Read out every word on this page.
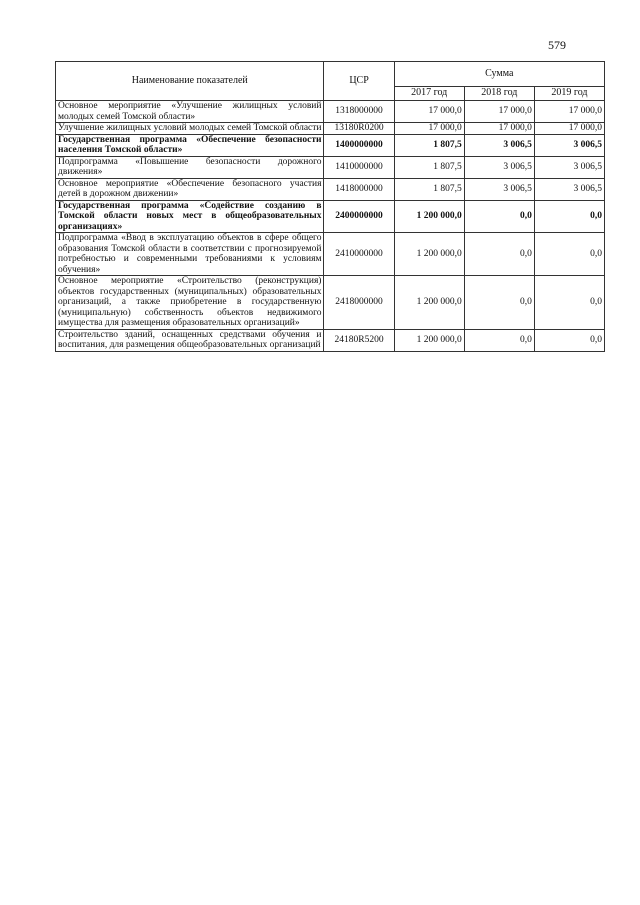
579
Наименование показателей	ЦСР	Сумма		
		2017 год	2018 год	2019 год
Основное мероприятие «Улучшение жилищных условий молодых семей Томской области»	1318000000	17 000,0	17 000,0	17 000,0
Улучшение жилищных условий молодых семей Томской области	13180R0200	17 000,0	17 000,0	17 000,0
Государственная программа «Обеспечение безопасности населения Томской области»	1400000000	1 807,5	3 006,5	3 006,5
Подпрограмма «Повышение безопасности дорожного движения»	1410000000	1 807,5	3 006,5	3 006,5
Основное мероприятие «Обеспечение безопасного участия детей в дорожном движении»	1418000000	1 807,5	3 006,5	3 006,5
Государственная программа «Содействие созданию в Томской области новых мест в общеобразовательных организациях»	2400000000	1 200 000,0	0,0	0,0
Подпрограмма «Ввод в эксплуатацию объектов в сфере общего образования Томской области в соответствии с прогнозируемой потребностью и современными требованиями к условиям обучения»	2410000000	1 200 000,0	0,0	0,0
Основное мероприятие «Строительство (реконструкция) объектов государственных (муниципальных) образовательных организаций, а также приобретение в государственную (муниципальную) собственность объектов недвижимого имущества для размещения образовательных организаций»	2418000000	1 200 000,0	0,0	0,0
Строительство зданий, оснащенных средствами обучения и воспитания, для размещения общеобразовательных организаций	24180R5200	1 200 000,0	0,0	0,0
